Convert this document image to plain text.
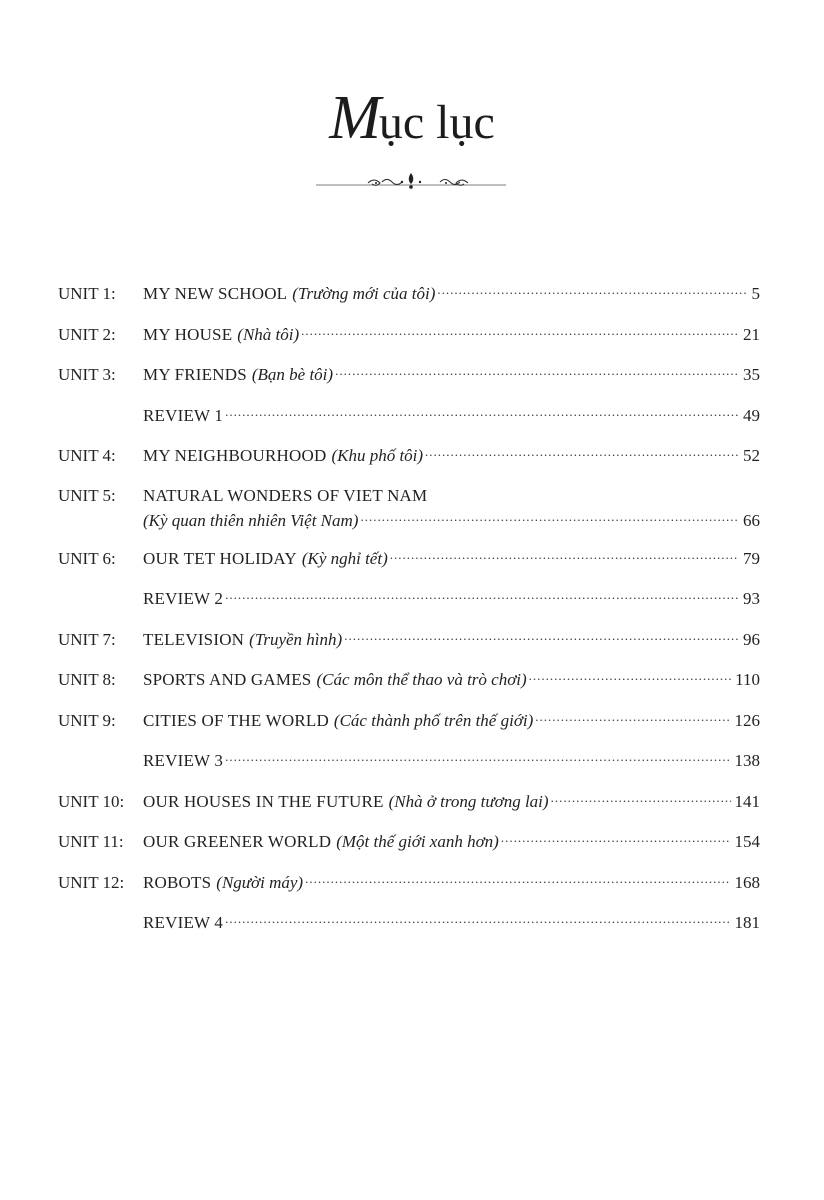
Mục lục
UNIT 1:	MY NEW SCHOOL (Trường mới của tôi) .....	5
UNIT 2:	MY HOUSE (Nhà tôi) .....	21
UNIT 3:	MY FRIENDS (Bạn bè tôi) .....	35
REVIEW 1 .....	49
UNIT 4:	MY NEIGHBOURHOOD (Khu phố tôi) .....	52
UNIT 5:	NATURAL WONDERS OF VIET NAM
(Kỳ quan thiên nhiên Việt Nam) .....	66
UNIT 6:	OUR TET HOLIDAY (Kỳ nghỉ tết) .....	79
REVIEW 2 .....	93
UNIT 7:	TELEVISION (Truyền hình) .....	96
UNIT 8:	SPORTS AND GAMES (Các môn thể thao và trò chơi) .....	110
UNIT 9:	CITIES OF THE WORLD (Các thành phố trên thế giới) .....	126
REVIEW 3 .....	138
UNIT 10:	OUR HOUSES IN THE FUTURE (Nhà ở trong tương lai) .....	141
UNIT 11:	OUR GREENER WORLD (Một thế giới xanh hơn) .....	154
UNIT 12:	ROBOTS (Người máy) .....	168
REVIEW 4 .....	181
